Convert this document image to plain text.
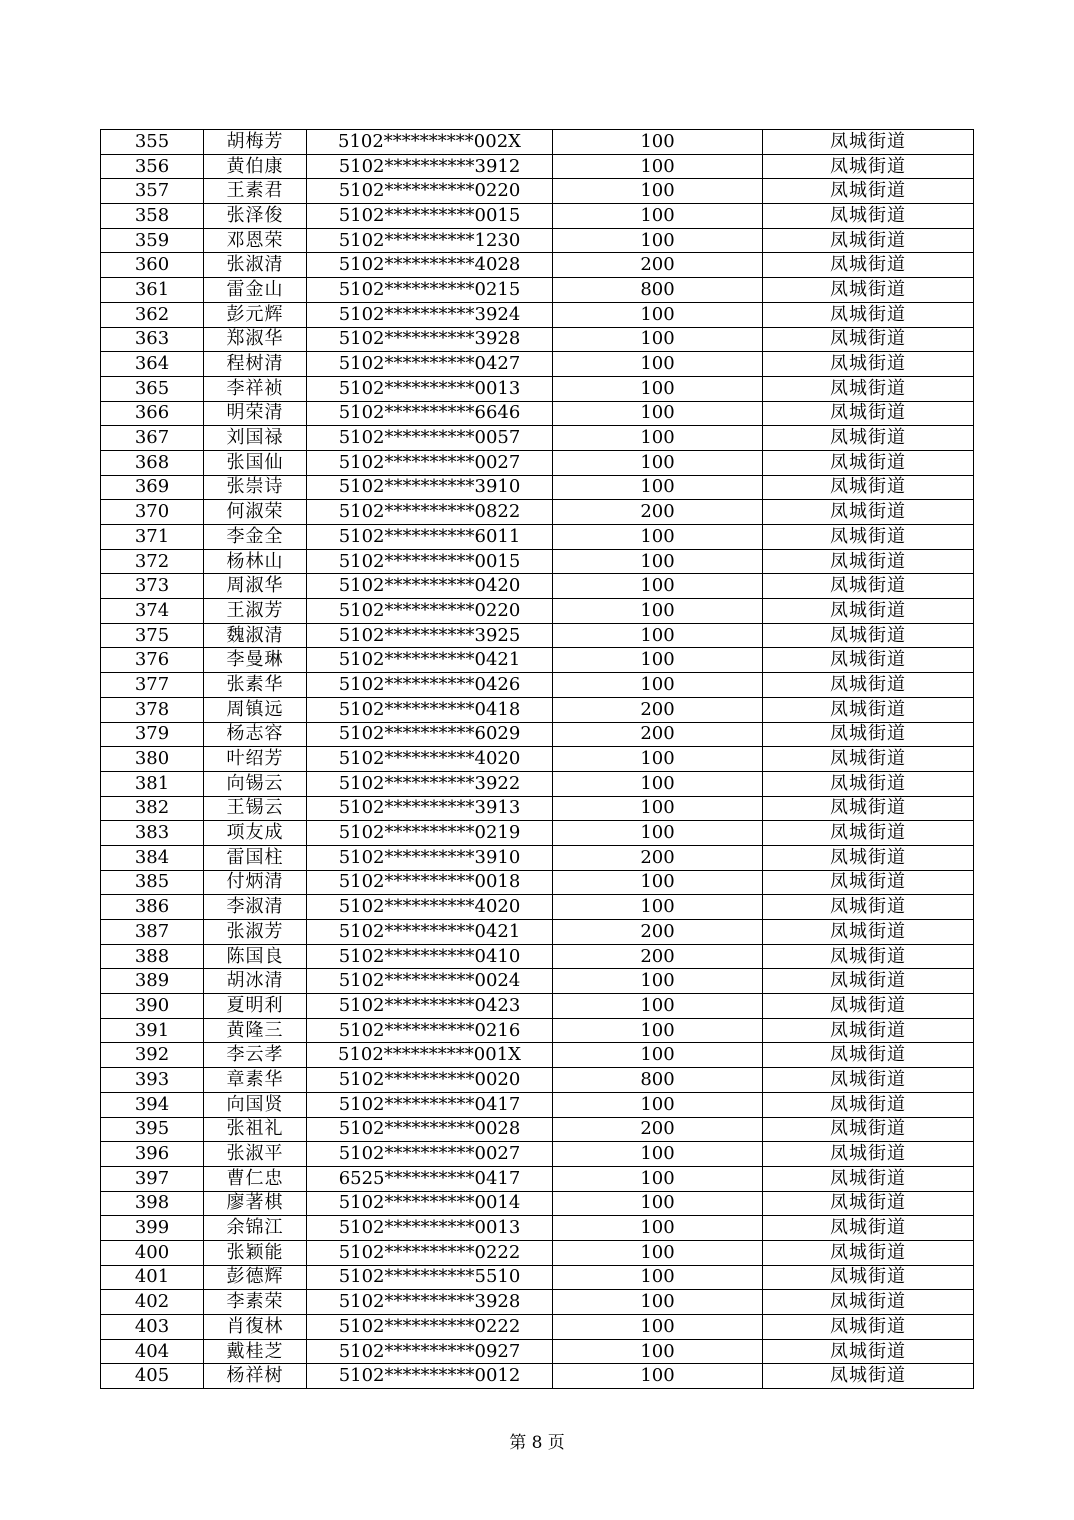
355	胡梅芳	5102**********002X	100	凤城街道
356	黄伯康	5102**********3912	100	凤城街道
357	王素君	5102**********0220	100	凤城街道
358	张泽俊	5102**********0015	100	凤城街道
359	邓恩荣	5102**********1230	100	凤城街道
360	张淑清	5102**********4028	200	凤城街道
361	雷金山	5102**********0215	800	凤城街道
362	彭元辉	5102**********3924	100	凤城街道
363	郑淑华	5102**********3928	100	凤城街道
364	程树清	5102**********0427	100	凤城街道
365	李祥祯	5102**********0013	100	凤城街道
366	明荣清	5102**********6646	100	凤城街道
367	刘国禄	5102**********0057	100	凤城街道
368	张国仙	5102**********0027	100	凤城街道
369	张崇诗	5102**********3910	100	凤城街道
370	何淑荣	5102**********0822	200	凤城街道
371	李金全	5102**********6011	100	凤城街道
372	杨林山	5102**********0015	100	凤城街道
373	周淑华	5102**********0420	100	凤城街道
374	王淑芳	5102**********0220	100	凤城街道
375	魏淑清	5102**********3925	100	凤城街道
376	李曼琳	5102**********0421	100	凤城街道
377	张素华	5102**********0426	100	凤城街道
378	周镇远	5102**********0418	200	凤城街道
379	杨志容	5102**********6029	200	凤城街道
380	叶绍芳	5102**********4020	100	凤城街道
381	向锡云	5102**********3922	100	凤城街道
382	王锡云	5102**********3913	100	凤城街道
383	项友成	5102**********0219	100	凤城街道
384	雷国柱	5102**********3910	200	凤城街道
385	付炳清	5102**********0018	100	凤城街道
386	李淑清	5102**********4020	100	凤城街道
387	张淑芳	5102**********0421	200	凤城街道
388	陈国良	5102**********0410	200	凤城街道
389	胡冰清	5102**********0024	100	凤城街道
390	夏明利	5102**********0423	100	凤城街道
391	黄隆三	5102**********0216	100	凤城街道
392	李云孝	5102**********001X	100	凤城街道
393	章素华	5102**********0020	800	凤城街道
394	向国贤	5102**********0417	100	凤城街道
395	张祖礼	5102**********0028	200	凤城街道
396	张淑平	5102**********0027	100	凤城街道
397	曹仁忠	6525**********0417	100	凤城街道
398	廖著棋	5102**********0014	100	凤城街道
399	余锦江	5102**********0013	100	凤城街道
400	张颖能	5102**********0222	100	凤城街道
401	彭德辉	5102**********5510	100	凤城街道
402	李素荣	5102**********3928	100	凤城街道
403	肖復林	5102**********0222	100	凤城街道
404	戴桂芝	5102**********0927	100	凤城街道
405	杨祥树	5102**********0012	100	凤城街道
第 8 页
